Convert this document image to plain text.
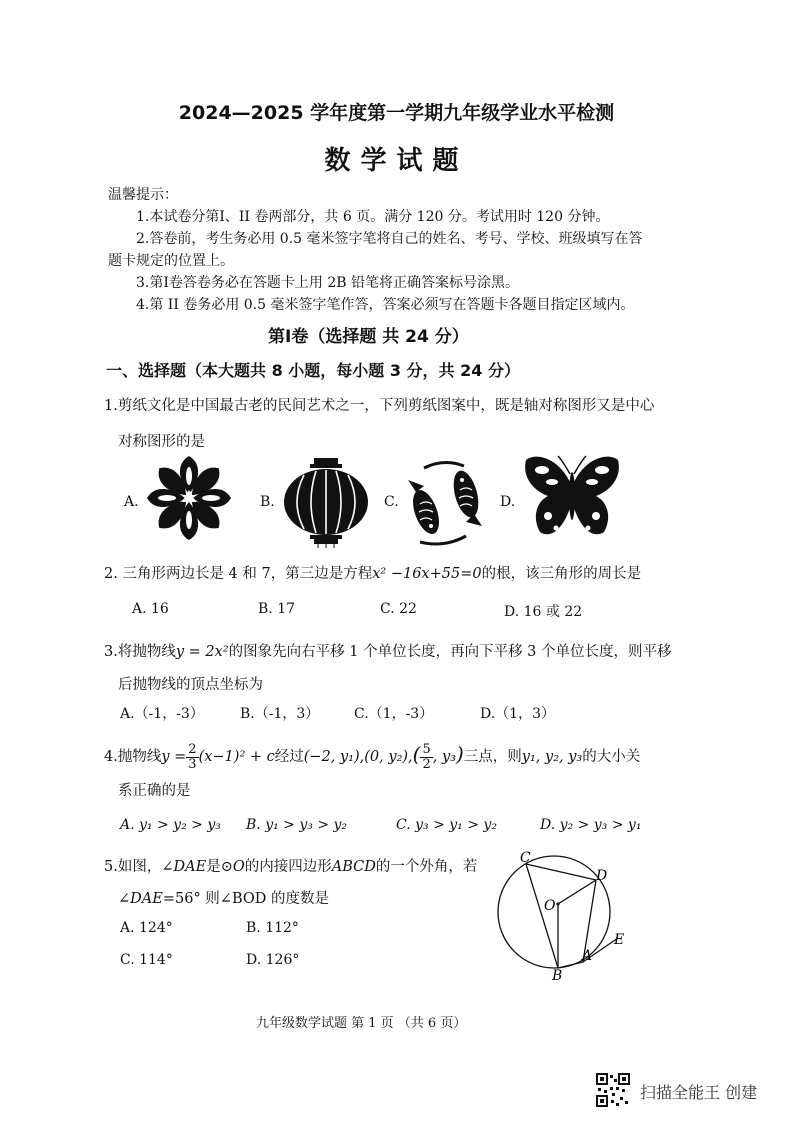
2024—2025 学年度第一学期九年级学业水平检测
数学试题
温馨提示：
1.本试卷分第Ⅰ、II 卷两部分，共 6 页。满分 120 分。考试用时 120 分钟。
2.答卷前，考生务必用 0.5 毫米签字笔将自己的姓名、考号、学校、班级填写在答
题卡规定的位置上。
3.第Ⅰ卷答卷务必在答题卡上用 2B 铅笔将正确答案标号涂黑。
4.第 II 卷务必用 0.5 毫米签字笔作答，答案必须写在答题卡各题目指定区域内。
第Ⅰ卷（选择题 共 24 分）
一、选择题（本大题共 8 小题，每小题 3 分，共 24 分）
1.剪纸文化是中国最古老的民间艺术之一，下列剪纸图案中，既是轴对称图形又是中心
对称图形的是
A.	B.	C.	D.
2. 三角形两边长是 4 和 7，第三边是方程x² −16x+55=0的根，该三角形的周长是
A. 16	B. 17	C. 22	D. 16 或 22
3.将抛物线y = 2x²的图象先向右平移 1 个单位长度，再向下平移 3 个单位长度，则平移
后抛物线的顶点坐标为
A.（-1，-3）	B.（-1，3） C.（1，-3）	D.（1，3）
4.抛物线$y = \frac{2}{3} (x-1)^2 + c$经过(−2, y₁),(0, $y_2),( \frac{5}{2}$ , y₃)三点，则y₁, y₂, y₃的大小关
系正确的是
A. y₁ > y₂ > y₃ B. y₁ > y₃ > y₂	C. y₃ > y₁ > y₂	D. y₂ > y₃ > y₁
5.如图，∠DAE是⊙O的内接四边形ABCD的一个外角，若
∠DAE=56° 则∠BOD 的度数是
A. 124°	B. 112°
C. 114°	D. 126°
C
D
O
E
B
A
九年级数学试题 第 1 页 （共 6 页）
扫描全能王 创建
